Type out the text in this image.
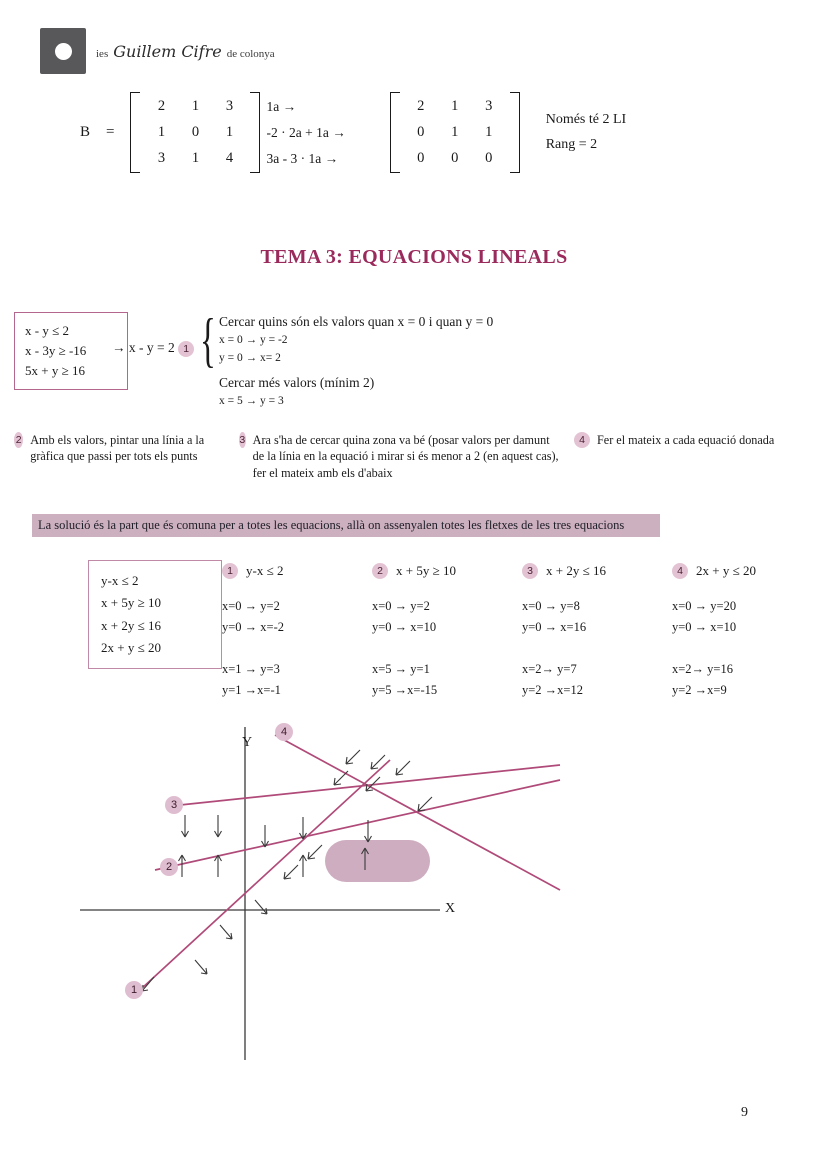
ies Guillem Cifre de colonya
B =
2	1	3
1	0	1
3	1	4
1a →
-2 · 2a + 1a →
3a - 3 · 1a →
2	1	3
0	1	1
0	0	0
Només té 2 LI
Rang = 2
TEMA 3: EQUACIONS LINEALS
x - y ≤ 2
x - 3y ≥ -16
5x + y ≥ 16
→ x - y = 2 1 { Cercar quins són els valors quan x = 0 i quan y = 0
x = 0 → y = -2
y = 0 → x= 2
Cercar més valors (mínim 2)
x = 5 → y = 3
2 Amb els valors, pintar una línia a la gràfica que passi per tots els punts
3 Ara s'ha de cercar quina zona va bé (posar valors per damunt de la línia en la equació i mirar si és menor a 2 (en aquest cas), fer el mateix amb els d'abaix
4 Fer el mateix a cada equació donada
La solució és la part que és comuna per a totes les equacions, allà on assenyalen totes les fletxes de les tres equacions
y-x ≤ 2
x + 5y ≥ 10
x + 2y ≤ 16
2x + y ≤ 20
1	y-x ≤ 2
x=0 → y=2
y=0 → x=-2
x=1 → y=3
y=1 →x=-1
2	x + 5y ≥ 10
x=0 → y=2
y=0 → x=10
x=5 → y=1
y=5 →x=-15
3	x + 2y ≤ 16
x=0 → y=8
y=0 → x=16
x=2→ y=7
y=2 →x=12
4	2x + y ≤ 20
x=0 → y=20
y=0 → x=10
x=2→ y=16
y=2 →x=9
4
3
2
1
Y
X
9
